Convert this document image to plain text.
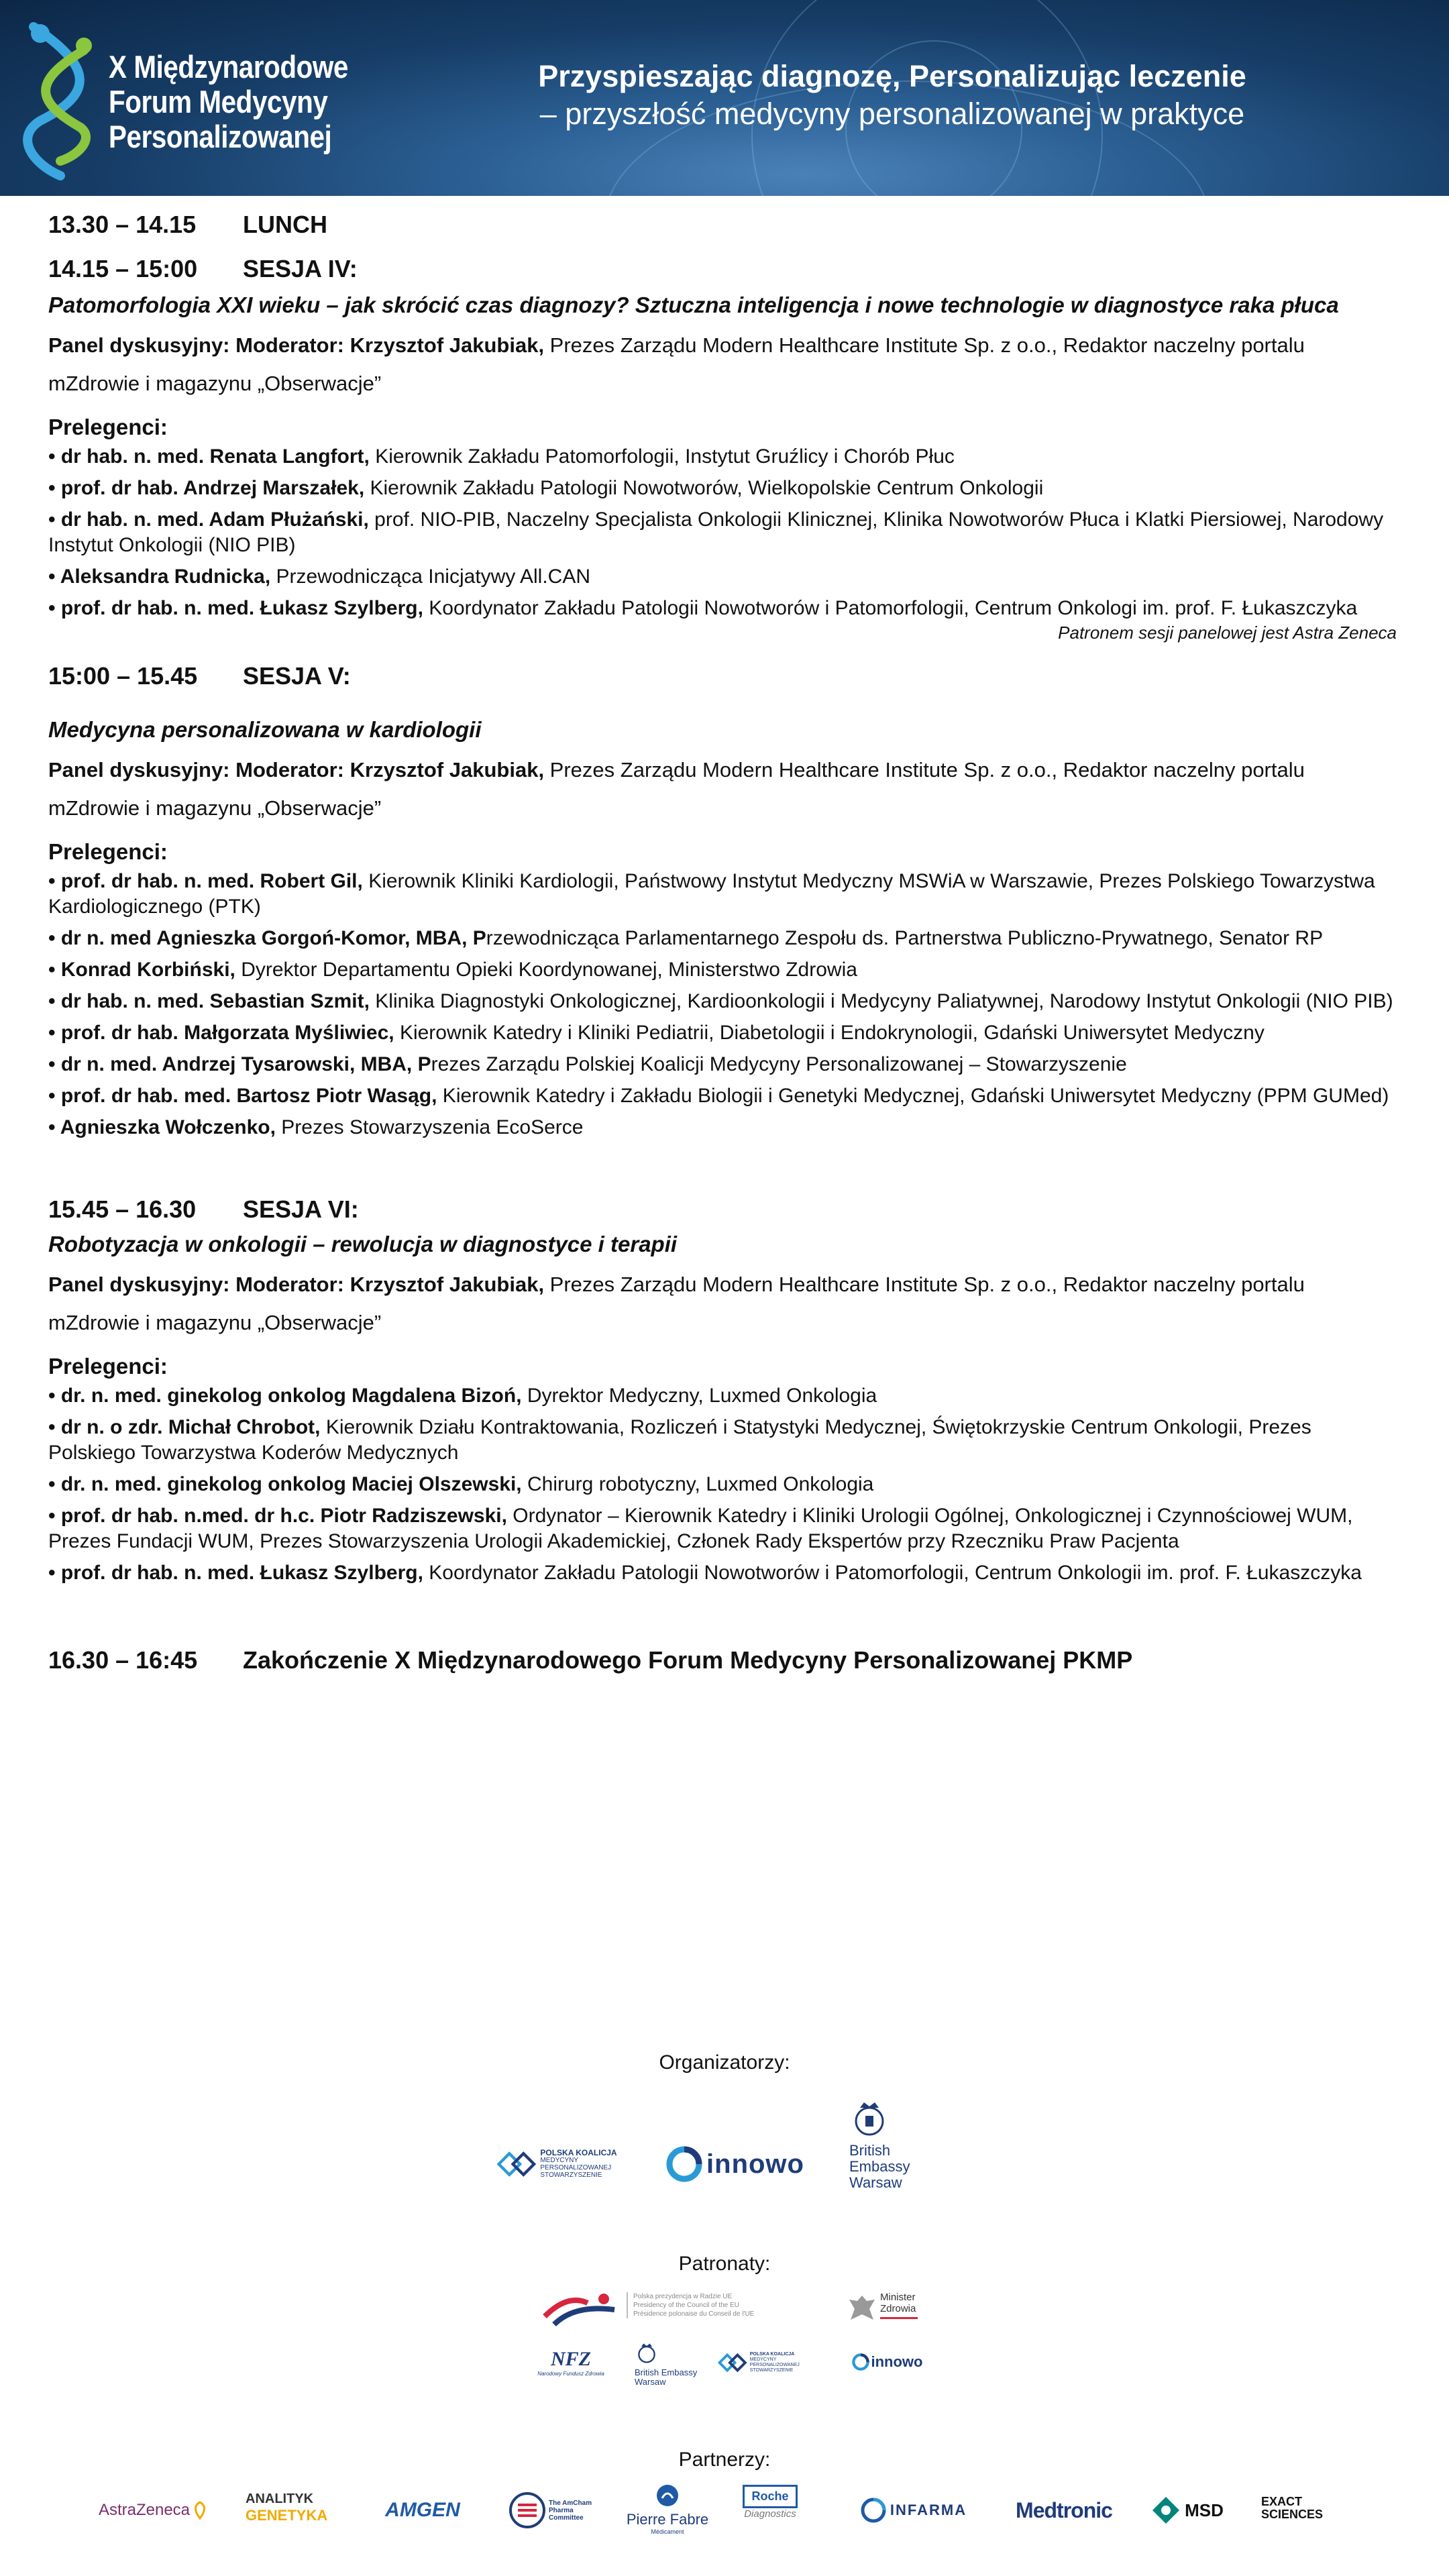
X Międzynarodowe
Forum Medycyny
Personalizowanej
Przyspieszając diagnozę, Personalizując leczenie
– przyszłość medycyny personalizowanej w praktyce
13.30 – 14.15 LUNCH
14.15 – 15:00 SESJA IV:
Patomorfologia XXI wieku – jak skrócić czas diagnozy? Sztuczna inteligencja i nowe technologie w diagnostyce raka płuca
Panel dyskusyjny: Moderator: Krzysztof Jakubiak, Prezes Zarządu Modern Healthcare Institute Sp. z o.o., Redaktor naczelny portalu mZdrowie i magazynu „Obserwacje”
Prelegenci:
• dr hab. n. med. Renata Langfort, Kierownik Zakładu Patomorfologii, Instytut Gruźlicy i Chorób Płuc
• prof. dr hab. Andrzej Marszałek, Kierownik Zakładu Patologii Nowotworów, Wielkopolskie Centrum Onkologii
• dr hab. n. med. Adam Płużański, prof. NIO-PIB, Naczelny Specjalista Onkologii Klinicznej, Klinika Nowotworów Płuca i Klatki Piersiowej, Narodowy Instytut Onkologii (NIO PIB)
• Aleksandra Rudnicka, Przewodnicząca Inicjatywy All.CAN
• prof. dr hab. n. med. Łukasz Szylberg, Koordynator Zakładu Patologii Nowotworów i Patomorfologii, Centrum Onkologi im. prof. F. Łukaszczyka
Patronem sesji panelowej jest Astra Zeneca
15:00 – 15.45 SESJA V:
Medycyna personalizowana w kardiologii
Panel dyskusyjny: Moderator: Krzysztof Jakubiak, Prezes Zarządu Modern Healthcare Institute Sp. z o.o., Redaktor naczelny portalu mZdrowie i magazynu „Obserwacje”
Prelegenci:
• prof. dr hab. n. med. Robert Gil, Kierownik Kliniki Kardiologii, Państwowy Instytut Medyczny MSWiA w Warszawie, Prezes Polskiego Towarzystwa Kardiologicznego (PTK)
• dr n. med Agnieszka Gorgoń-Komor, MBA, Przewodnicząca Parlamentarnego Zespołu ds. Partnerstwa Publiczno-Prywatnego, Senator RP
• Konrad Korbiński, Dyrektor Departamentu Opieki Koordynowanej, Ministerstwo Zdrowia
• dr hab. n. med. Sebastian Szmit, Klinika Diagnostyki Onkologicznej, Kardioonkologii i Medycyny Paliatywnej, Narodowy Instytut Onkologii (NIO PIB)
• prof. dr hab. Małgorzata Myśliwiec, Kierownik Katedry i Kliniki Pediatrii, Diabetologii i Endokrynologii, Gdański Uniwersytet Medyczny
• dr n. med. Andrzej Tysarowski, MBA, Prezes Zarządu Polskiej Koalicji Medycyny Personalizowanej – Stowarzyszenie
• prof. dr hab. med. Bartosz Piotr Wasąg, Kierownik Katedry i Zakładu Biologii i Genetyki Medycznej, Gdański Uniwersytet Medyczny (PPM GUMed)
• Agnieszka Wołczenko, Prezes Stowarzyszenia EcoSerce
15.45 – 16.30 SESJA VI:
Robotyzacja w onkologii – rewolucja w diagnostyce i terapii
Panel dyskusyjny: Moderator: Krzysztof Jakubiak, Prezes Zarządu Modern Healthcare Institute Sp. z o.o., Redaktor naczelny portalu mZdrowie i magazynu „Obserwacje”
Prelegenci:
• dr. n. med. ginekolog onkolog Magdalena Bizoń, Dyrektor Medyczny, Luxmed Onkologia
• dr n. o zdr. Michał Chrobot, Kierownik Działu Kontraktowania, Rozliczeń i Statystyki Medycznej, Świętokrzyskie Centrum Onkologii, Prezes Polskiego Towarzystwa Koderów Medycznych
• dr. n. med. ginekolog onkolog Maciej Olszewski, Chirurg robotyczny, Luxmed Onkologia
• prof. dr hab. n.med. dr h.c. Piotr Radziszewski, Ordynator – Kierownik Katedry i Kliniki Urologii Ogólnej, Onkologicznej i Czynnościowej WUM, Prezes Fundacji WUM, Prezes Stowarzyszenia Urologii Akademickiej, Członek Rady Ekspertów przy Rzeczniku Praw Pacjenta
• prof. dr hab. n. med. Łukasz Szylberg, Koordynator Zakładu Patologii Nowotworów i Patomorfologii, Centrum Onkologii im. prof. F. Łukaszczyka
16.30 – 16:45 Zakończenie X Międzynarodowego Forum Medycyny Personalizowanej PKMP
Organizatorzy:
POLSKA KOALICJA
MEDYCYNY PERSONALIZOWANEJ
STOWARZYSZENIE	innowo	British Embassy
Warsaw
Patronaty:
Polska prezydencja w Radzie UE
Presidency of the Council of the EU
Présidence polonaise du Conseil de l'UE
Minister
Zdrowia
NFZ
Narodowy Fundusz Zdrowia	British Embassy
Warsaw
POLSKA KOALICJA
MEDYCYNY PERSONALIZOWANEJ
STOWARZYSZENIE
innowo
Partnerzy:
AstraZeneca
ANALITYK
GENETYKA	AMGEN	The AmCham Pharma Committee	Pierre Fabre
Médicament
Roche
Diagnostics	INFARMA Medtronic	MSD	EXACT
SCIENCES
